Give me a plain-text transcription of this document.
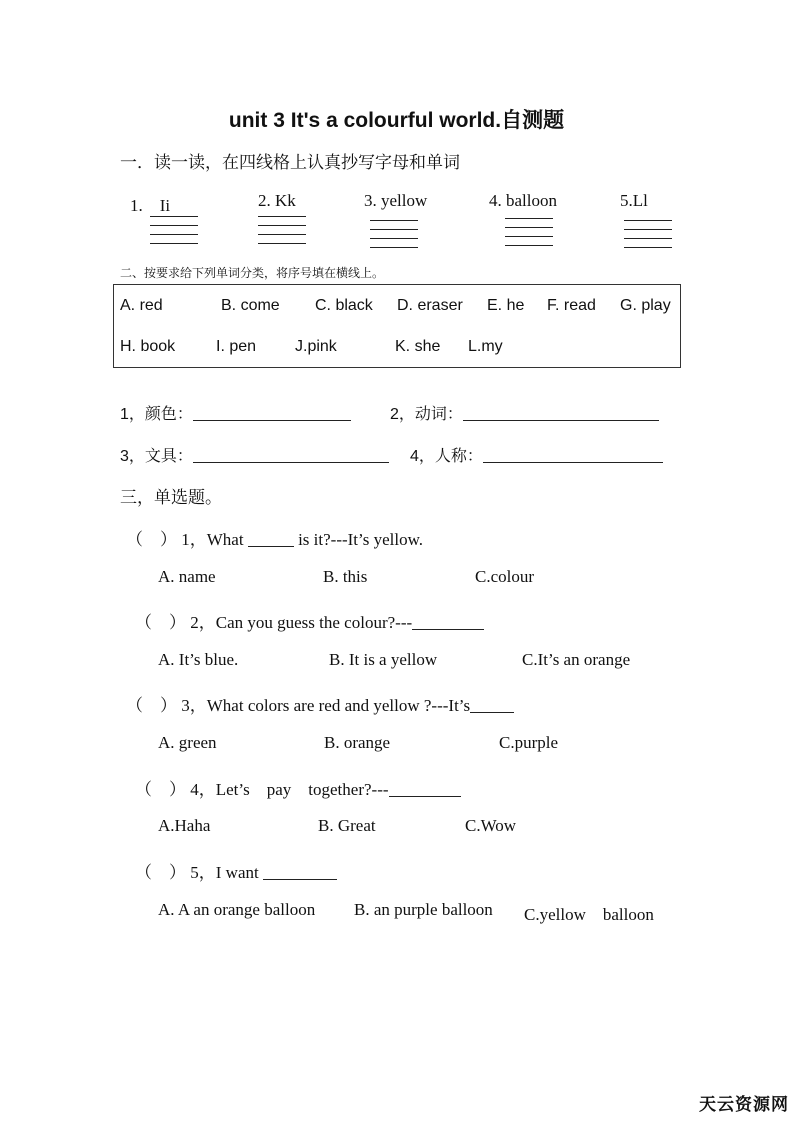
unit 3 It's a colourful world.自测题
一．读一读，在四线格上认真抄写字母和单词
1.　Ii	2. Kk	3. yellow	4. balloon	5.Ll
二、按要求给下列单词分类，将序号填在横线上。
A. red	B. come C. black D. eraser E. he F. read G. play
H. book	I. pen J.pink	K. she L.my
1，颜色：	2，动词：
3，文具：	4，人称：
三，单选题。
（　） 1，What	is it?---It’s yellow.
A. name	B. this	C.colour
（　） 2，Can you guess the colour?---
A. It’s blue.	B. It is a yellow	C.It’s an orange
（　） 3，What colors are red and yellow ?---It’s
A. green	B. orange	C.purple
（　） 4，Let’s　pay　together?---
A.Haha	B. Great	C.Wow
（　） 5，I want
A. A an orange balloon B. an purple balloon C.yellow　balloon
天云资源网
